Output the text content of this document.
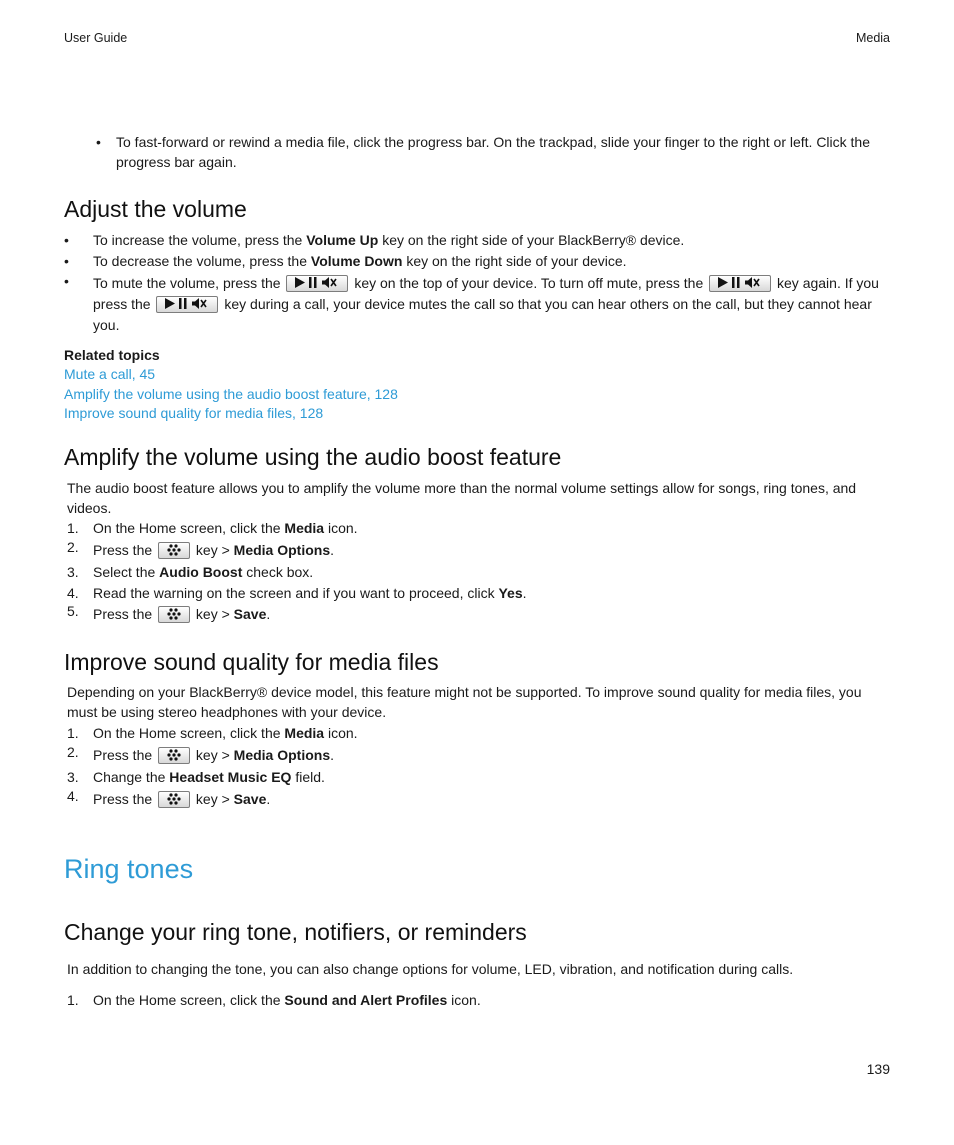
User Guide	Media
• To fast-forward or rewind a media file, click the progress bar. On the trackpad, slide your finger to the right or left. Click the progress bar again.
Adjust the volume
•	To increase the volume, press the Volume Up key on the right side of your BlackBerry® device.
•	To decrease the volume, press the Volume Down key on the right side of your device.
•	To mute the volume, press the	key on the top of your device. To turn off mute, press the	key again. If you press the	key during a call, your device mutes the call so that you can hear others on the call, but they cannot hear you.
Related topics
Mute a call, 45
Amplify the volume using the audio boost feature, 128
Improve sound quality for media files, 128
Amplify the volume using the audio boost feature
The audio boost feature allows you to amplify the volume more than the normal volume settings allow for songs, ring tones, and videos.
1.	On the Home screen, click the Media icon.
2.	Press the	key > Media Options.
3.	Select the Audio Boost check box.
4.	Read the warning on the screen and if you want to proceed, click Yes.
5.	Press the	key > Save.
Improve sound quality for media files
Depending on your BlackBerry® device model, this feature might not be supported. To improve sound quality for media files, you must be using stereo headphones with your device.
1.	On the Home screen, click the Media icon.
2.	Press the	key > Media Options.
3.	Change the Headset Music EQ field.
4.	Press the	key > Save.
Ring tones
Change your ring tone, notifiers, or reminders
In addition to changing the tone, you can also change options for volume, LED, vibration, and notification during calls.
1.	On the Home screen, click the Sound and Alert Profiles icon.
139
